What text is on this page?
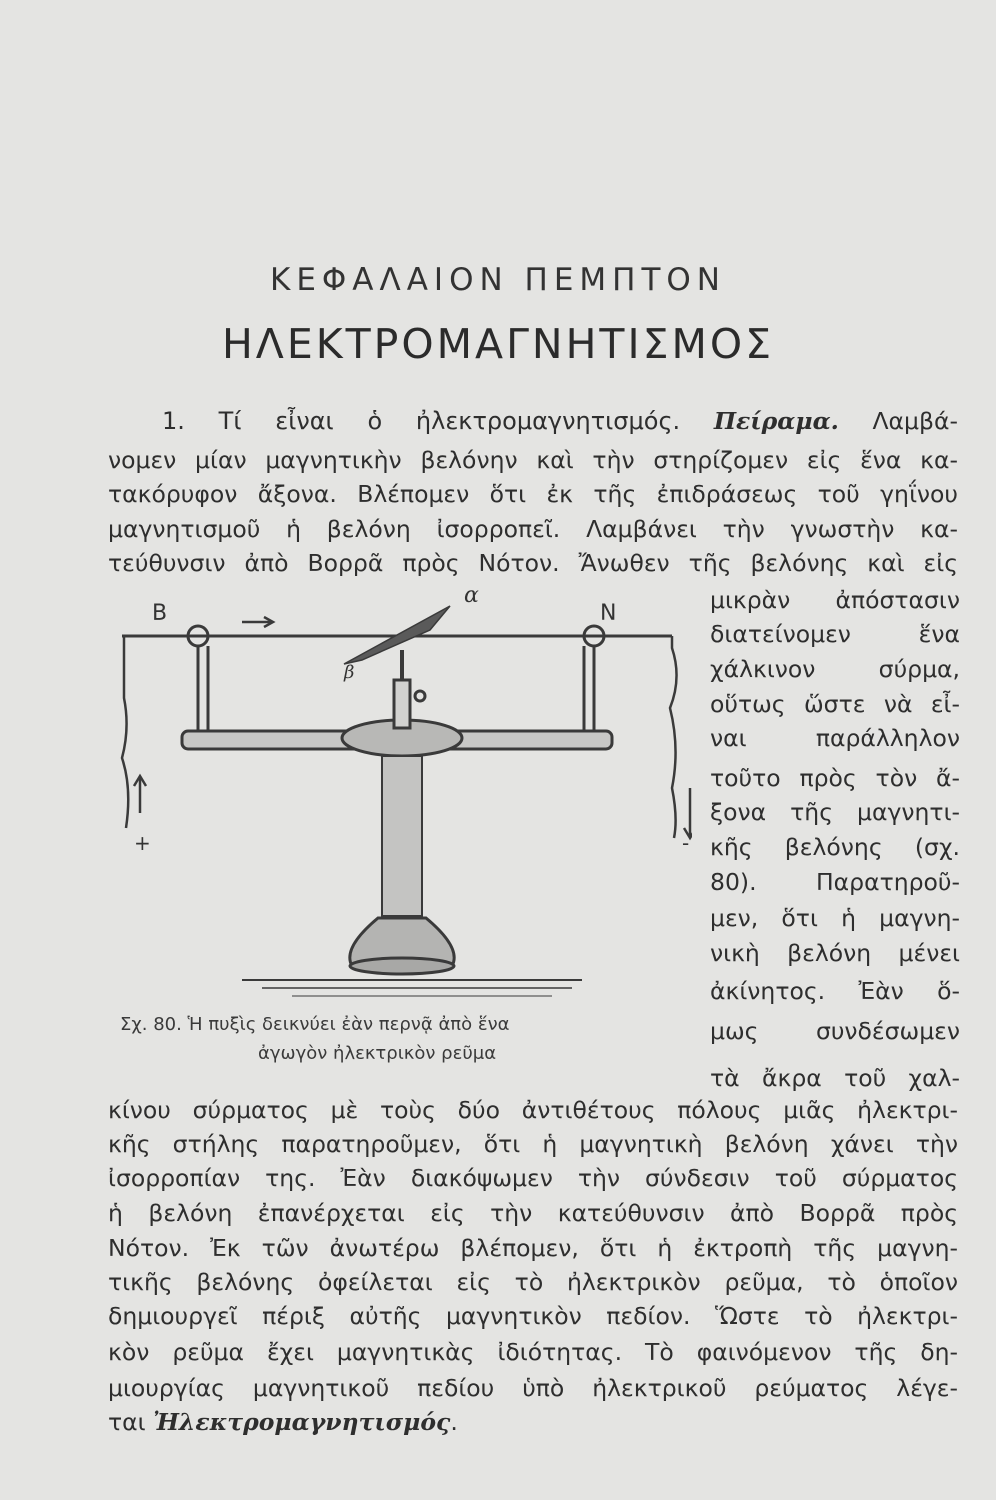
ΚΕΦΑΛΑΙΟΝ ΠΕΜΠΤΟΝ
ΗΛΕΚΤΡΟΜΑΓΝΗΤΙΣΜΟΣ
1. Τί εἶναι ὁ ἠλεκτρομαγνητισμός. Πείραμα. Λαμβά-
νομεν μίαν μαγνητικὴν βελόνην καὶ τὴν στηρίζομεν εἰς ἕνα κα-
τακόρυφον ἄξονα. Βλέπομεν ὅτι ἐκ τῆς ἐπιδράσεως τοῦ γηΐνου
μαγνητισμοῦ ἡ βελόνη ἰσορροπεῖ. Λαμβάνει τὴν γνωστὴν κα-
τεύθυνσιν ἀπὸ Βορρᾶ πρὸς Νότον. Ἄνωθεν τῆς βελόνης καὶ εἰς
μικρὰν ἀπόστασιν
διατείνομεν ἕνα
χάλκινον σύρμα,
οὕτως ὥστε νὰ εἶ-
ναι παράλληλον
τοῦτο πρὸς τὸν ἄ-
ξονα τῆς μαγνητι-
κῆς βελόνης (σχ.
80). Παρατηροῦ-
μεν, ὅτι ἡ μαγνη-
νικὴ βελόνη μένει
ἀκίνητος. Ἐὰν ὅ-
μως συνδέσωμεν
τὰ ἄκρα τοῦ χαλ-
Β	Ν
α
β
+	-
Σχ. 80. Ἡ πυξὶς δεικνύει ἐὰν περνᾷ ἀπὸ ἕνα
ἀγωγὸν ἠλεκτρικὸν ρεῦμα
κίνου σύρματος μὲ τοὺς δύο ἀντιθέτους πόλους μιᾶς ἠλεκτρι-
κῆς στήλης παρατηροῦμεν, ὅτι ἡ μαγνητικὴ βελόνη χάνει τὴν
ἰσορροπίαν της. Ἐὰν διακόψωμεν τὴν σύνδεσιν τοῦ σύρματος
ἡ βελόνη ἐπανέρχεται εἰς τὴν κατεύθυνσιν ἀπὸ Βορρᾶ πρὸς
Νότον. Ἐκ τῶν ἀνωτέρω βλέπομεν, ὅτι ἡ ἐκτροπὴ τῆς μαγνη-
τικῆς βελόνης ὀφείλεται εἰς τὸ ἠλεκτρικὸν ρεῦμα, τὸ ὁποῖον
δημιουργεῖ πέριξ αὐτῆς μαγνητικὸν πεδίον. Ὥστε τὸ ἠλεκτρι-
κὸν ρεῦμα ἔχει μαγνητικὰς ἰδιότητας. Τὸ φαινόμενον τῆς δη-
μιουργίας μαγνητικοῦ πεδίου ὑπὸ ἠλεκτρικοῦ ρεύματος λέγε-
ται Ἠλεκτρομαγνητισμός.
